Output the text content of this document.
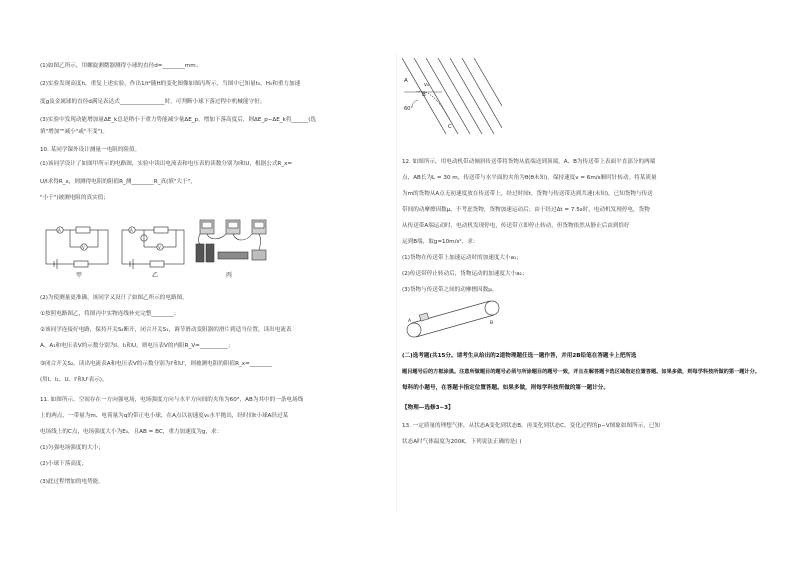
(1)如图乙所示，用螺旋测微器测得小球的直径d=________mm；
(2)实验发现高度h，重复上述实验，作出1/t²随H的变化图像如图丙所示，当图中已知量t₀、H₀和重力加速
度g及金属球的直径d满足表达式________________时，可判断小球下落过程中机械能守恒；
(3)实验中发现动能增加量ΔE_k总是稍小于重力势能减少量ΔE_p，增加下落高度后，则ΔE_p−ΔE_k将______(选
填"增加""减小"或"不变")。
10. 某同学课外设计测量一电阻的阻值。
(1)该同学设计了如图甲所示的电路图，实验中读出电流表和电压表的读数分别为I和U，根据公式R_x=
U/I求得R_x，则测得电阻的阻值R_测________R_真(填"大于"，
"小于")被测电阻的真实值；
A
V
甲
A
V
乙	丙
(2)为使测量更准确，该同学又设计了如图乙所示的电路图。
①按照电路图乙，将图丙中实物连线补充完整________；
②该同学连接好电路，保持开关S₂断开，闭合开关S₁，调节滑动变阻器的滑片到适当位置，读出电流表
A、A₁和电压表V的示数分别为I、I₁和U，则电压表V的内阻R_V=__________；
③闭合开关S₂，读出电流表A和电压表V的示数分别为I'和U'，则被测电阻的阻值R_x=________
(用I、I₁、U、I'和U'表示)。
11. 如图所示，空间存在一方向强电场，电场强度方向与水平方向间的夹角为60°，AB为其中的一条电场线
上的两点，一带量为m、电荷量为q的带正电小球，在A点以初速度v₀水平抛出，经时间t小球A经过某
电场线上的C点，电场强度大小为E₀，且AB = BC，重力加速度为g，求：
(1)匀强电场强度的大小；
(2)小球下落高度；
(3)此过程增加的电势能。
A
B
C
v₀
60°
12. 如图所示，用电动机带动倾斜传送带将货物从底端送到顶端，A、B为传送带上表面平直部分的两端
点，AB长为L = 30 m，传送带与水平面的夹角为θ(θ未知)，保持速度v = 6m/s顺时针转动。将某质量
为m的货物从A点无初速度放在传送带上，经过时间t，货物与传送带达到共速(未知)，已知货物与传送
带间的动摩擦因数μ，不考虑货物，货物加速运动后；由于经过Δt = 7.5s时，电动机发现停电，货物
从传送带A端运动时，电动机发现停电，传送带立即停止转动，但货物依然从静止后由到恰好
运到B端，取g=10m/s²，求：
(1)货物在传送带上加速运动时的加速度大小a₁；
(2)传送带停止转动后，货物运动的加速度大小a₂；
(3)货物与传送带之间的动摩擦因数μ。
A	B
(二)选考题(共15分。请考生从给出的2道物理题任选一题作答，并用2B铅笔在答题卡上把所选
题目题号后的方框涂黑。注意所做题目的题号必须与所涂题目的题号一致，并且在解答题卡选区域指定位置答题。如果多做，则每学科按所做的第一题计分。
每科的小题号，在答题卡指定位置答题。如果多做，则每学科按所做的第一题计分。
【物理—选修3−3】
13. 一定质量的理想气体，从状态A变化到状态B，再变化到状态C，变化过程的p−V图象如图所示，已知
状态A时气体温度为200K，下列说法正确的是( )
